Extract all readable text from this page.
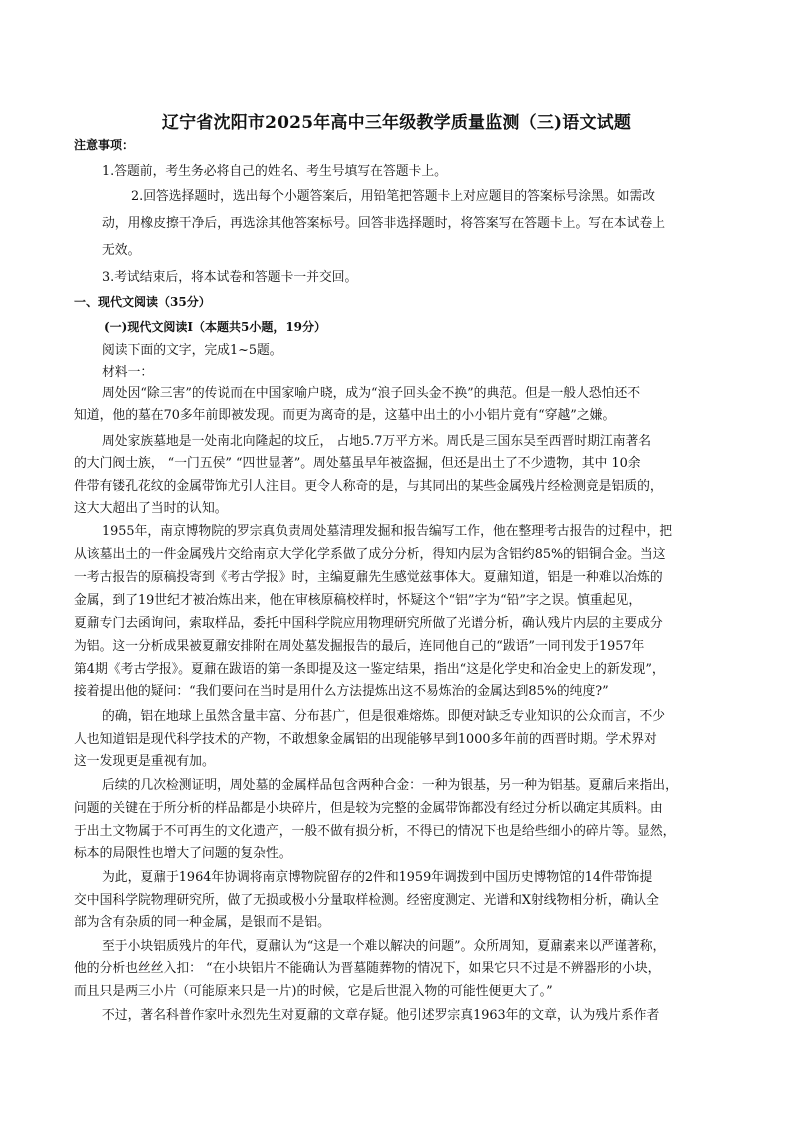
辽宁省沈阳市2025年高中三年级教学质量监测（三)语文试题
注意事项：
1.答题前，考生务必将自己的姓名、考生号填写在答题卡上。
2.回答选择题时，选出每个小题答案后，用铅笔把答题卡上对应题目的答案标号涂黑。如需改
动，用橡皮擦干净后，再选涂其他答案标号。回答非选择题时，将答案写在答题卡上。写在本试卷上
无效。
3.考试结束后，将本试卷和答题卡一并交回。
一、现代文阅读（35分）
(一)现代文阅读Ⅰ（本题共5小题，19分）
阅读下面的文字，完成1~5题。
材料一：
周处因“除三害”的传说而在中国家喻户晓，成为“浪子回头金不换”的典范。但是一般人恐怕还不
知道，他的墓在70多年前即被发现。而更为离奇的是，这墓中出土的小小铝片竟有“穿越”之嫌。
周处家族墓地是一处南北向隆起的坟丘， 占地5.7万平方米。周氏是三国东吴至西晋时期江南著名
的大门阀士族， “一门五侯” “四世显著”。周处墓虽早年被盗掘，但还是出土了不少遗物，其中 10余
件带有镂孔花纹的金属带饰尤引人注目。更令人称奇的是，与其同出的某些金属残片经检测竟是铝质的，
这大大超出了当时的认知。
1955年，南京博物院的罗宗真负责周处墓清理发掘和报告编写工作，他在整理考古报告的过程中，把
从该墓出土的一件金属残片交给南京大学化学系做了成分分析，得知内层为含铝约85%的铝铜合金。当这
一考古报告的原稿投寄到《考古学报》时，主编夏鼐先生感觉兹事体大。夏鼐知道，铝是一种难以冶炼的
金属，到了19世纪才被冶炼出来，他在审核原稿校样时，怀疑这个“铝”字为“铅”字之误。慎重起见，
夏鼐专门去函询问，索取样品，委托中国科学院应用物理研究所做了光谱分析，确认残片内层的主要成分
为铝。这一分析成果被夏鼐安排附在周处墓发掘报告的最后，连同他自己的“跋语”一同刊发于1957年
第4期《考古学报》。夏鼐在跋语的第一条即提及这一鉴定结果，指出“这是化学史和冶金史上的新发现”，
接着提出他的疑问：“我们要问在当时是用什么方法提炼出这不易炼治的金属达到85%的纯度?”
的确，铝在地球上虽然含量丰富、分布甚广，但是很难熔炼。即便对缺乏专业知识的公众而言，不少
人也知道铝是现代科学技术的产物，不敢想象金属铝的出现能够早到1000多年前的西晋时期。学术界对
这一发现更是重视有加。
后续的几次检测证明，周处墓的金属样品包含两种合金：一种为银基，另一种为铝基。夏鼐后来指出，
问题的关键在于所分析的样品都是小块碎片，但是较为完整的金属带饰都没有经过分析以确定其质料。由
于出土文物属于不可再生的文化遗产，一般不做有损分析，不得已的情况下也是给些细小的碎片等。显然，
标本的局限性也增大了问题的复杂性。
为此，夏鼐于1964年协调将南京博物院留存的2件和1959年调拨到中国历史博物馆的14件带饰提
交中国科学院物理研究所，做了无损或极小分量取样检测。经密度测定、光谱和X射线物相分析，确认全
部为含有杂质的同一种金属，是银而不是铝。
至于小块铝质残片的年代，夏鼐认为“这是一个难以解决的问题”。众所周知，夏鼐素来以严谨著称，
他的分析也丝丝入扣： “在小块铝片不能确认为晋墓随葬物的情况下，如果它只不过是不辨器形的小块，
而且只是两三小片（可能原来只是一片)的时候，它是后世混入物的可能性便更大了。”
不过，著名科普作家叶永烈先生对夏鼐的文章存疑。他引述罗宗真1963年的文章，认为残片系作者
